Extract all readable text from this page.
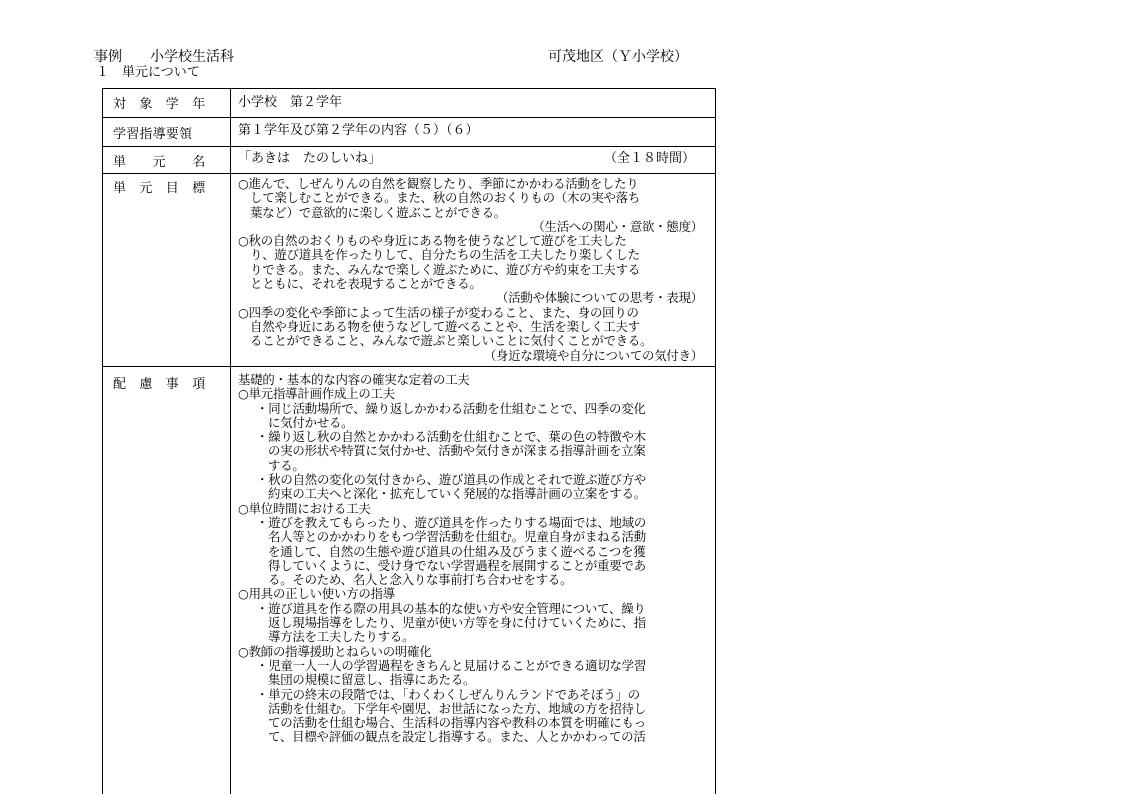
事例　　小学校生活科	可茂地区（Ｙ小学校）
１　単元について
対　象　学　年	小学校　第２学年
学習指導要領	第１学年及び第２学年の内容（５）（６）
単　　元　　名	「あきは　たのしいね」	（全１８時間）
単　元　目　標	○進んで、しぜんりんの自然を観察したり、季節にかかわる活動をしたり
して楽しむことができる。また、秋の自然のおくりもの（木の実や落ち
葉など）で意欲的に楽しく遊ぶことができる。
（生活への関心・意欲・態度）
○秋の自然のおくりものや身近にある物を使うなどして遊びを工夫した
り、遊び道具を作ったりして、自分たちの生活を工夫したり楽しくした
りできる。また、みんなで楽しく遊ぶために、遊び方や約束を工夫する
とともに、それを表現することができる。
（活動や体験についての思考・表現）
○四季の変化や季節によって生活の様子が変わること、また、身の回りの
自然や身近にある物を使うなどして遊べることや、生活を楽しく工夫す
ることができること、みんなで遊ぶと楽しいことに気付くことができる。
（身近な環境や自分についての気付き）
配　慮　事　項	基礎的・基本的な内容の確実な定着の工夫
○単元指導計画作成上の工夫
・同じ活動場所で、繰り返しかかわる活動を仕組むことで、四季の変化
に気付かせる。
・繰り返し秋の自然とかかわる活動を仕組むことで、葉の色の特徴や木
の実の形状や特質に気付かせ、活動や気付きが深まる指導計画を立案
する。
・秋の自然の変化の気付きから、遊び道具の作成とそれで遊ぶ遊び方や
約束の工夫へと深化・拡充していく発展的な指導計画の立案をする。
○単位時間における工夫
・遊びを教えてもらったり、遊び道具を作ったりする場面では、地域の
名人等とのかかわりをもつ学習活動を仕組む。児童自身がまねる活動
を通して、自然の生態や遊び道具の仕組み及びうまく遊べるこつを獲
得していくように、受け身でない学習過程を展開することが重要であ
る。そのため、名人と念入りな事前打ち合わせをする。
○用具の正しい使い方の指導
・遊び道具を作る際の用具の基本的な使い方や安全管理について、繰り
返し現場指導をしたり、児童が使い方等を身に付けていくために、指
導方法を工夫したりする。
○教師の指導援助とねらいの明確化
・児童一人一人の学習過程をきちんと見届けることができる適切な学習
集団の規模に留意し、指導にあたる。
・単元の終末の段階では、「わくわくしぜんりんランドであそぼう」の
活動を仕組む。下学年や園児、お世話になった方、地域の方を招待し
ての活動を仕組む場合、生活科の指導内容や教科の本質を明確にもっ
て、目標や評価の観点を設定し指導する。また、人とかかわっての活
